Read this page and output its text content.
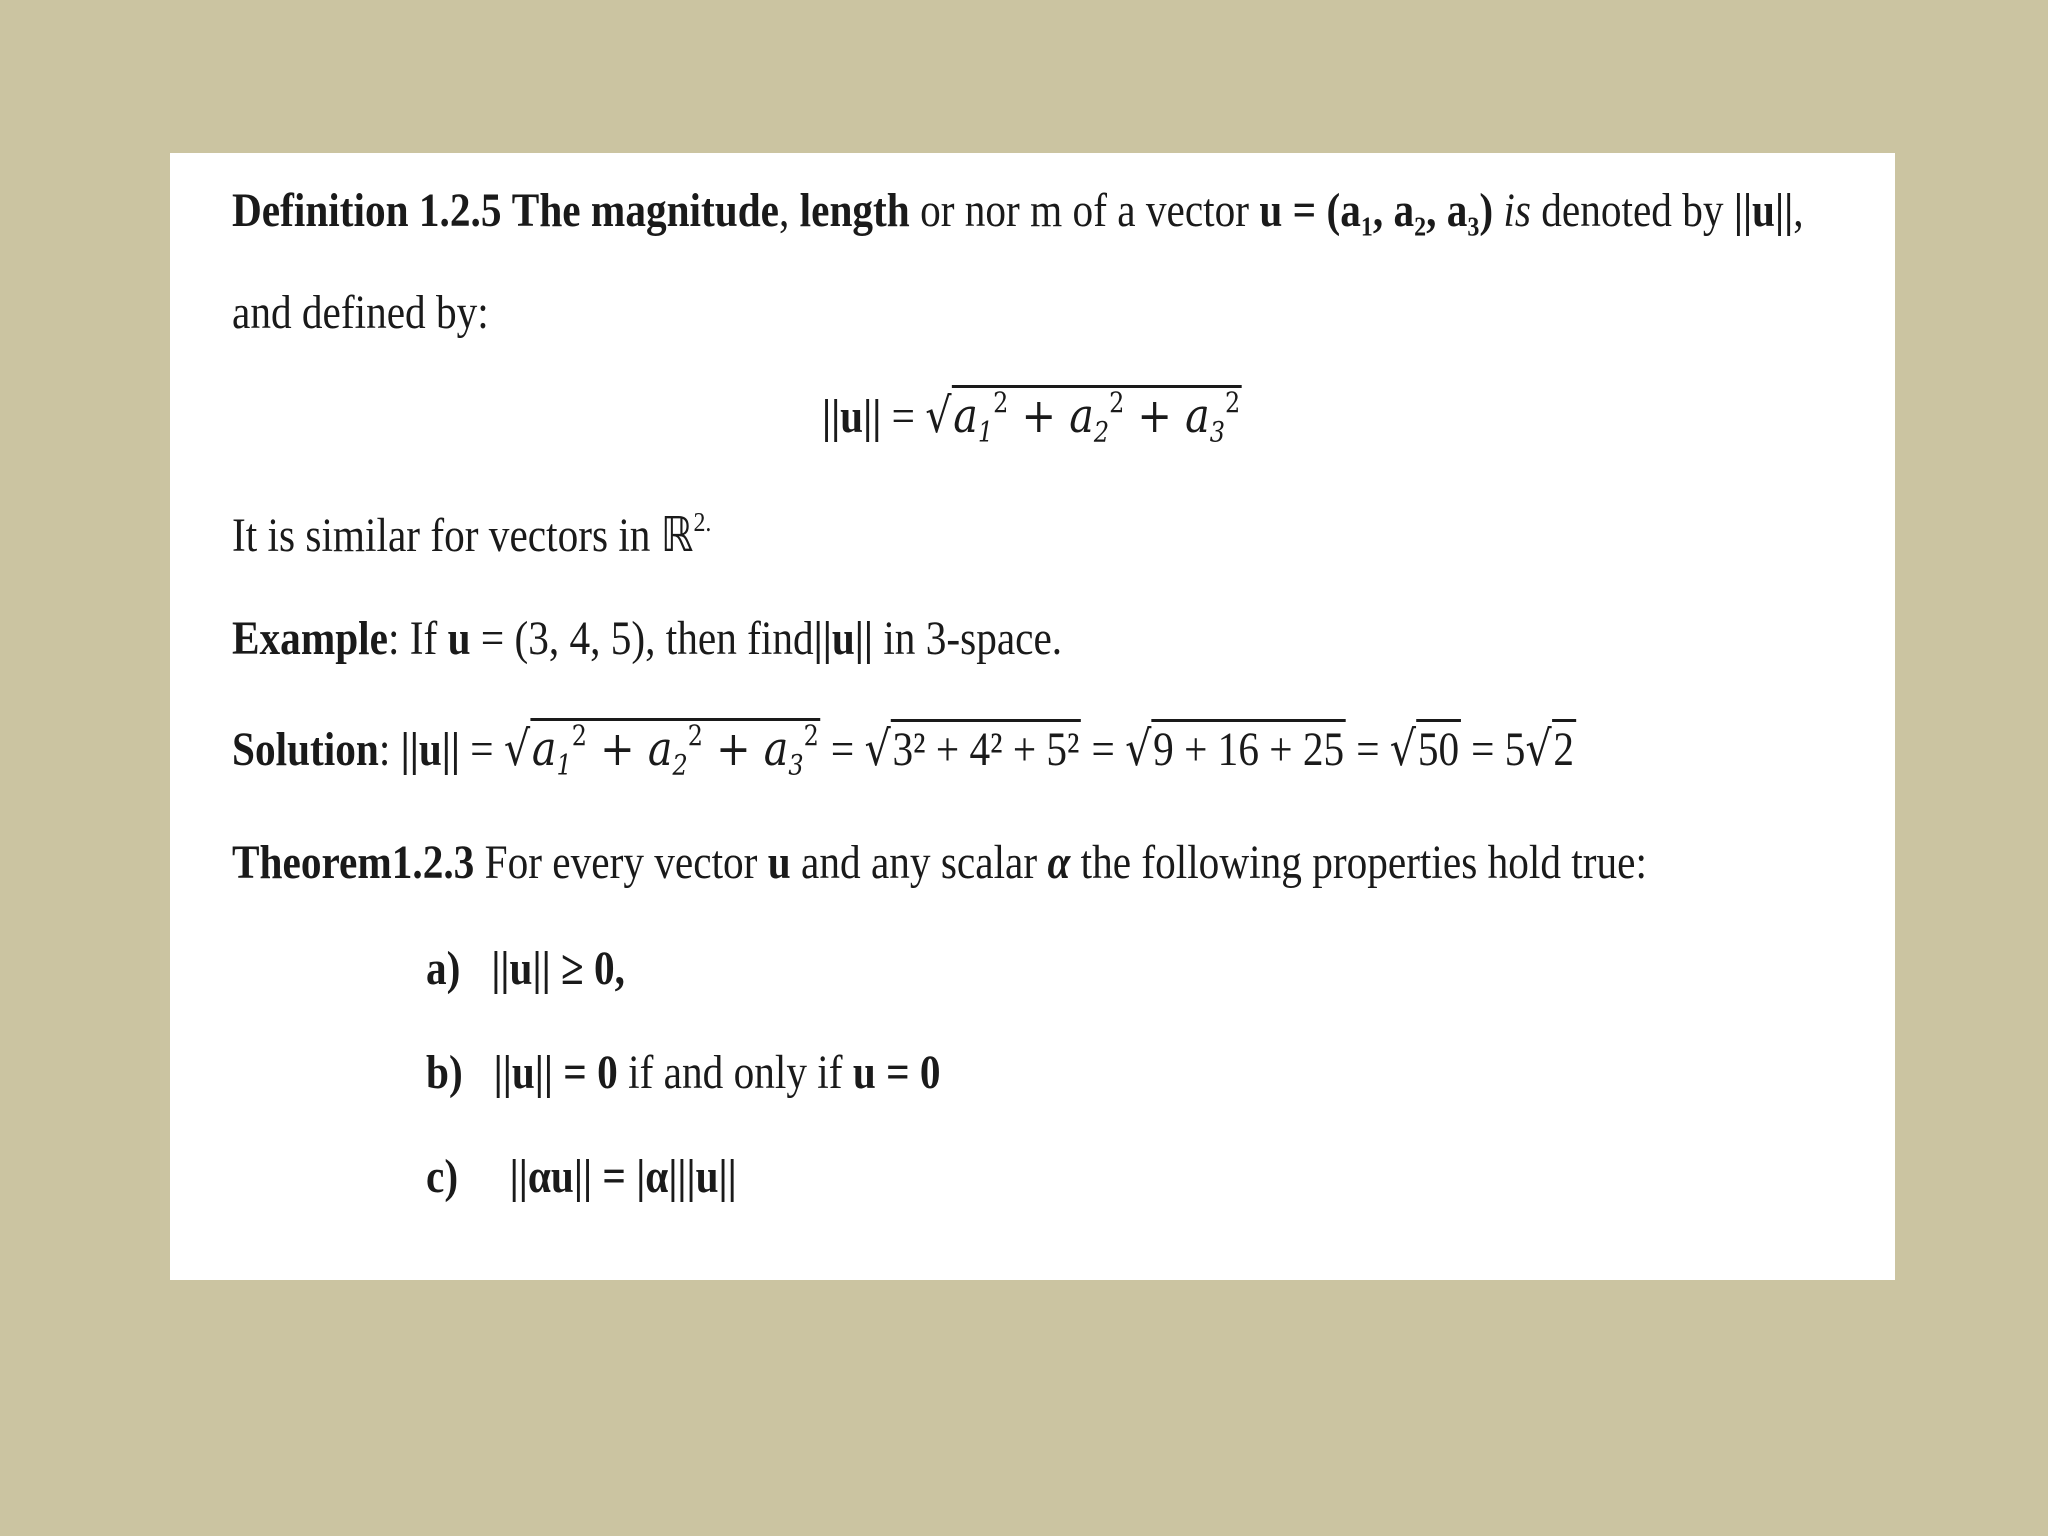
Definition 1.2.5 The magnitude, length or nor m of a vector $u = (a_1$, $a_2$, $a_3$) is denoted by ||u||,
and defined by:
$||u|| = √a_1^2 + a_2^2 + a_3^2$
It is similar for vectors in ℝ$^{2.}$
Example: If u = (3, 4, 5), then find||u|| in 3-space.
Solution: $||u|| = √a_1^2 + a_2^2 + a_3^2 = √3^2 + 4^2 + 5^2 = √9 + 16 + 25 = √50 = 5√2$
Theorem1.2.3 For every vector u and any scalar α the following properties hold true:
a) ||u|| ≥ 0,
b) ||u|| = 0 if and only if u = 0
c) ||αu|| = |α|||u||
